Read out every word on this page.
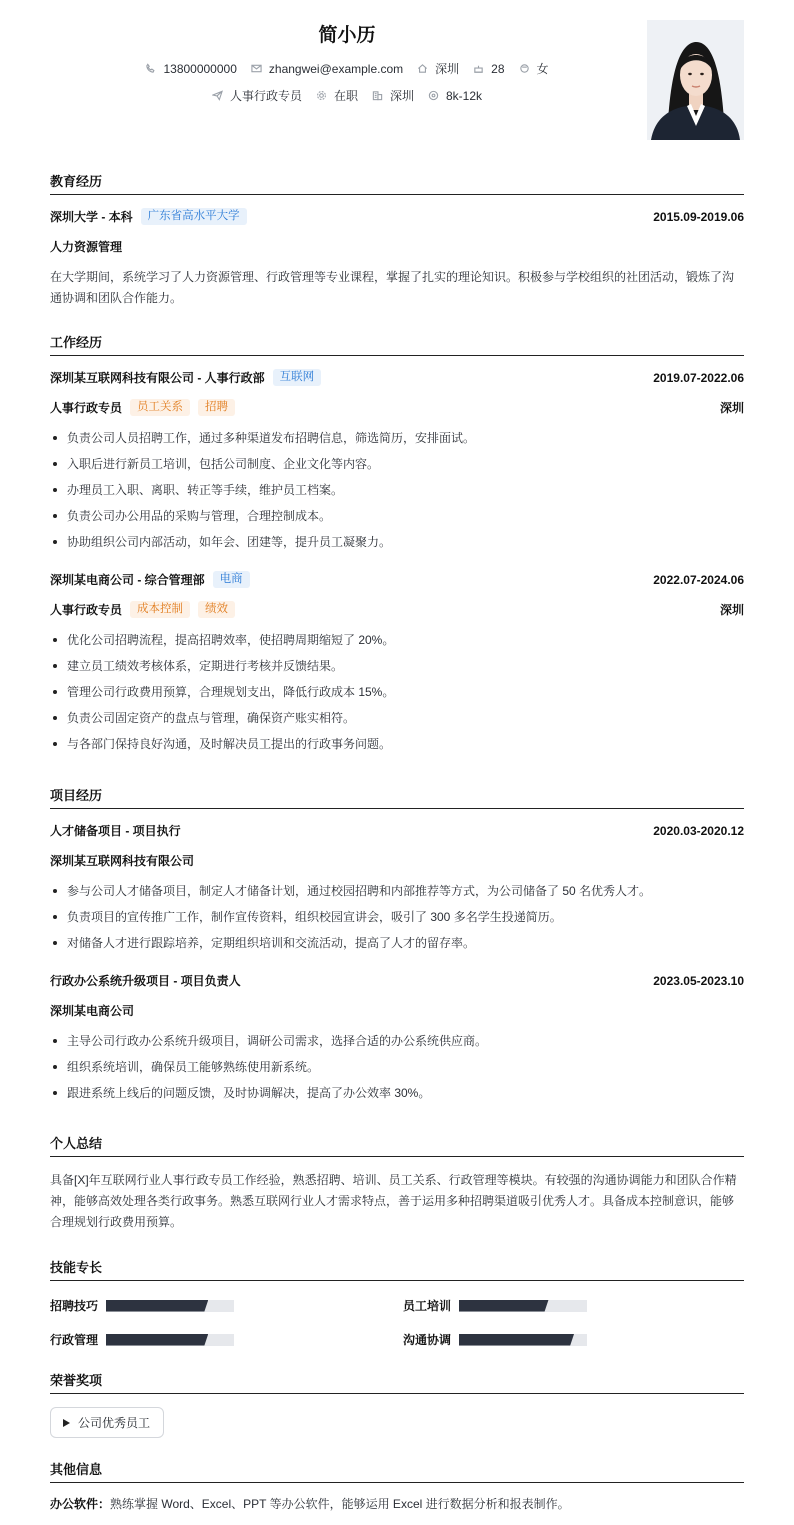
简小历
13800000000	zhangwei@example.com	深圳	28	女
人事行政专员	在职	深圳	8k-12k
教育经历
深圳大学 - 本科	广东省高水平大学	2015.09-2019.06
人力资源管理
在大学期间，系统学习了人力资源管理、行政管理等专业课程，掌握了扎实的理论知识。积极参与学校组织的社团活动，锻炼了沟通协调和团队合作能力。
工作经历
深圳某互联网科技有限公司 - 人事行政部	互联网	2019.07-2022.06
人事行政专员	员工关系	招聘	深圳
负责公司人员招聘工作，通过多种渠道发布招聘信息，筛选简历，安排面试。
入职后进行新员工培训，包括公司制度、企业文化等内容。
办理员工入职、离职、转正等手续，维护员工档案。
负责公司办公用品的采购与管理，合理控制成本。
协助组织公司内部活动，如年会、团建等，提升员工凝聚力。
深圳某电商公司 - 综合管理部	电商	2022.07-2024.06
人事行政专员	成本控制	绩效	深圳
优化公司招聘流程，提高招聘效率，使招聘周期缩短了 20%。
建立员工绩效考核体系，定期进行考核并反馈结果。
管理公司行政费用预算，合理规划支出，降低行政成本 15%。
负责公司固定资产的盘点与管理，确保资产账实相符。
与各部门保持良好沟通，及时解决员工提出的行政事务问题。
项目经历
人才储备项目 - 项目执行	2020.03-2020.12
深圳某互联网科技有限公司
参与公司人才储备项目，制定人才储备计划，通过校园招聘和内部推荐等方式，为公司储备了 50 名优秀人才。
负责项目的宣传推广工作，制作宣传资料，组织校园宣讲会，吸引了 300 多名学生投递简历。
对储备人才进行跟踪培养，定期组织培训和交流活动，提高了人才的留存率。
行政办公系统升级项目 - 项目负责人	2023.05-2023.10
深圳某电商公司
主导公司行政办公系统升级项目，调研公司需求，选择合适的办公系统供应商。
组织系统培训，确保员工能够熟练使用新系统。
跟进系统上线后的问题反馈，及时协调解决，提高了办公效率 30%。
个人总结
具备[X]年互联网行业人事行政专员工作经验，熟悉招聘、培训、员工关系、行政管理等模块。有较强的沟通协调能力和团队合作精神，能够高效处理各类行政事务。熟悉互联网行业人才需求特点，善于运用多种招聘渠道吸引优秀人才。具备成本控制意识，能够合理规划行政费用预算。
技能专长
招聘技巧	员工培训
行政管理	沟通协调
荣誉奖项
公司优秀员工
其他信息
办公软件：熟练掌握 Word、Excel、PPT 等办公软件，能够运用 Excel 进行数据分析和报表制作。
